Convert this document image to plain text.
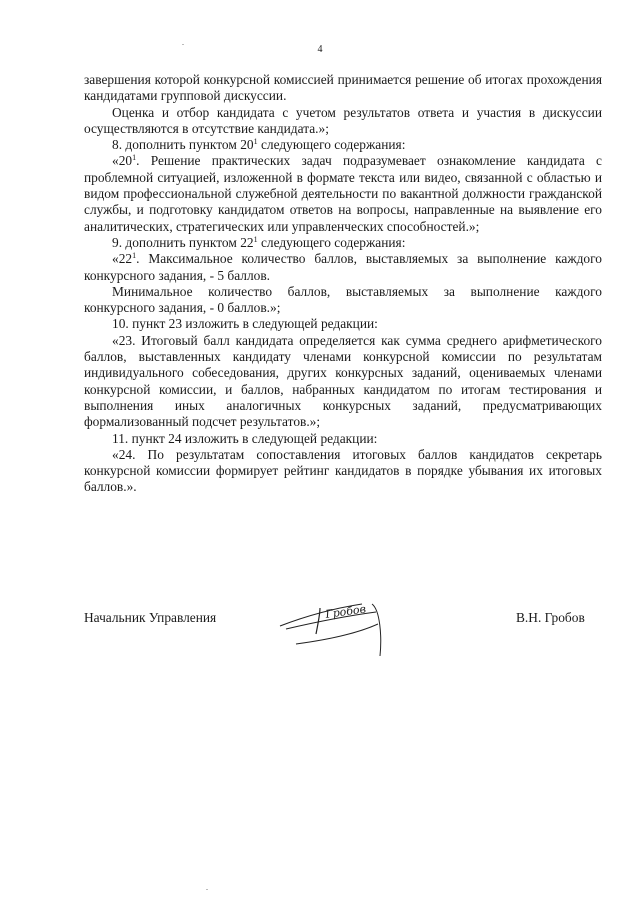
4

завершения которой конкурсной комиссией принимается решение об итогах прохождения кандидатами групповой дискуссии.

Оценка и отбор кандидата с учетом результатов ответа и участия в дискуссии осуществляются в отсутствие кандидата.»;

8. дополнить пунктом $20^1$ следующего содержания:

«$20^1$. Решение практических задач подразумевает ознакомление кандидата с проблемной ситуацией, изложенной в формате текста или видео, связанной с областью и видом профессиональной служебной деятельности по вакантной должности гражданской службы, и подготовку кандидатом ответов на вопросы, направленные на выявление его аналитических, стратегических или управленческих способностей.»;

9. дополнить пунктом $22^1$ следующего содержания:

«$22^1$. Максимальное количество баллов, выставляемых за выполнение каждого конкурсного задания, - 5 баллов.

Минимальное количество баллов, выставляемых за выполнение каждого конкурсного задания, - 0 баллов.»;

10. пункт 23 изложить в следующей редакции:

«23. Итоговый балл кандидата определяется как сумма среднего арифметического баллов, выставленных кандидату членами конкурсной комиссии по результатам индивидуального собеседования, других конкурсных заданий, оцениваемых членами конкурсной комиссии, и баллов, набранных кандидатом по итогам тестирования и выполнения иных аналогичных конкурсных заданий, предусматривающих формализованный подсчет результатов.»;

11. пункт 24 изложить в следующей редакции:

«24. По результатам сопоставления итоговых баллов кандидатов секретарь конкурсной комиссии формирует рейтинг кандидатов в порядке убывания их итоговых баллов.».

Начальник Управления	Гробов	В.Н. Гробов
